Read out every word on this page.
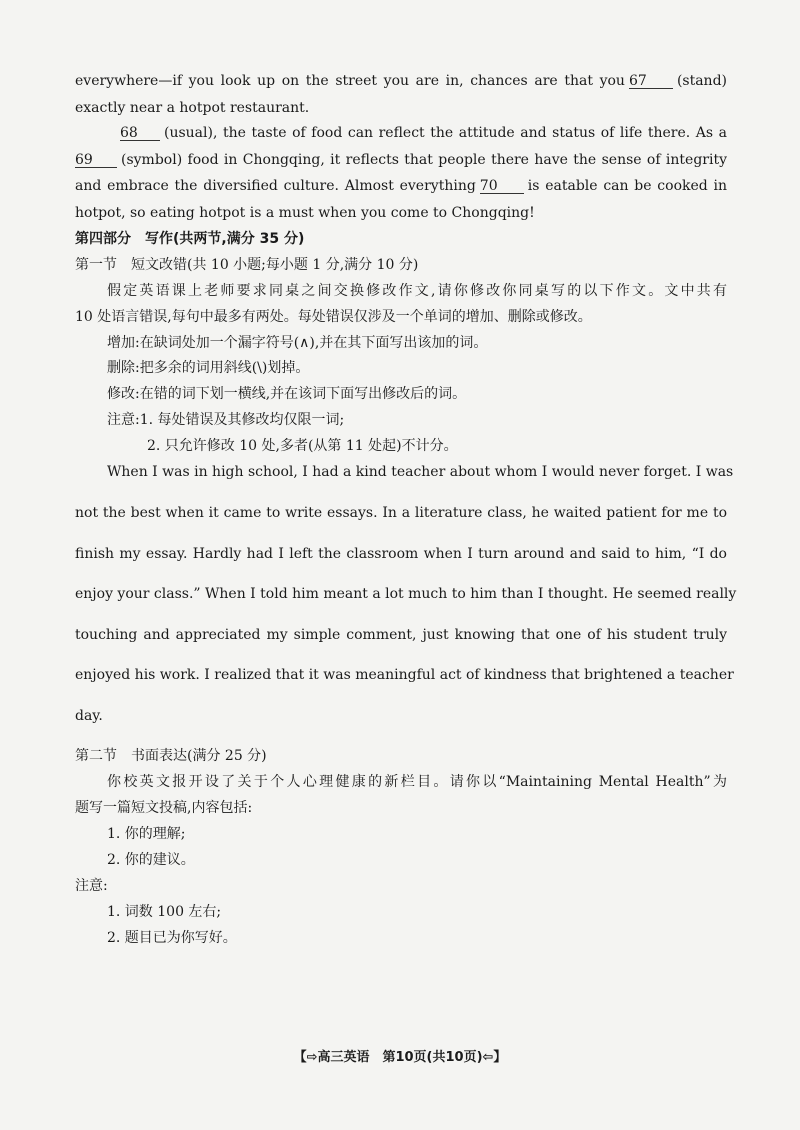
everywhere—if you look up on the street you are in, chances are that you 67 (stand)
exactly near a hotpot restaurant.
68 (usual), the taste of food can reflect the attitude and status of life there. As a
69 (symbol) food in Chongqing, it reflects that people there have the sense of integrity
and embrace the diversified culture. Almost everything 70 is eatable can be cooked in
hotpot, so eating hotpot is a must when you come to Chongqing!
第四部分　写作(共两节,满分 35 分)
第一节　短文改错(共 10 小题;每小题 1 分,满分 10 分)
假定英语课上老师要求同桌之间交换修改作文,请你修改你同桌写的以下作文。文中共有
10 处语言错误,每句中最多有两处。每处错误仅涉及一个单词的增加、删除或修改。
增加:在缺词处加一个漏字符号(∧),并在其下面写出该加的词。
删除:把多余的词用斜线(\)划掉。
修改:在错的词下划一横线,并在该词下面写出修改后的词。
注意:1. 每处错误及其修改均仅限一词;
2. 只允许修改 10 处,多者(从第 11 处起)不计分。
When I was in high school, I had a kind teacher about whom I would never forget. I was
not the best when it came to write essays. In a literature class, he waited patient for me to
finish my essay. Hardly had I left the classroom when I turn around and said to him, “I do
enjoy your class.” When I told him meant a lot much to him than I thought. He seemed really
touching and appreciated my simple comment, just knowing that one of his student truly
enjoyed his work. I realized that it was meaningful act of kindness that brightened a teacher
day.
第二节　书面表达(满分 25 分)
你校英文报开设了关于个人心理健康的新栏目。请你以“Maintaining Mental Health”为
题写一篇短文投稿,内容包括:
1. 你的理解;
2. 你的建议。
注意:
1. 词数 100 左右;
2. 题目已为你写好。
【⇨高三英语　第10页(共10页)⇦】
